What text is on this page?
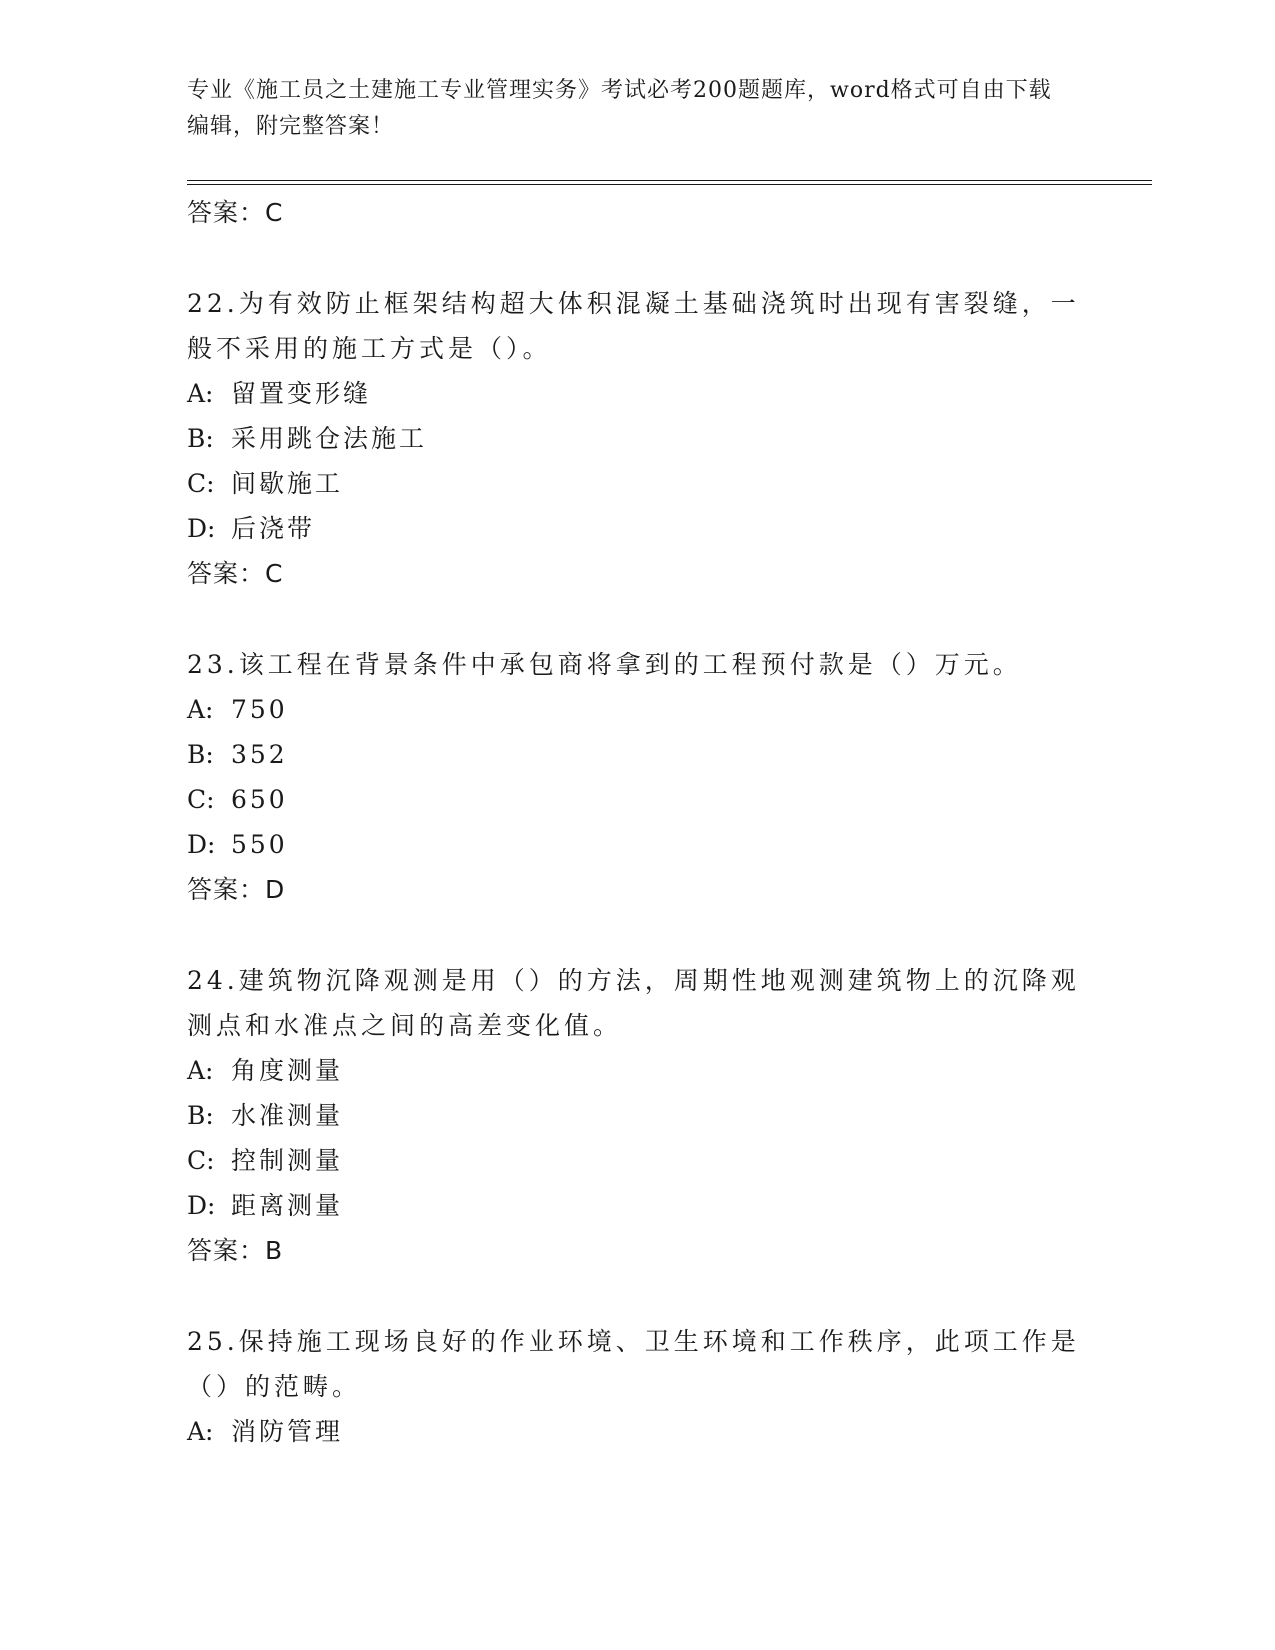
专业《施工员之土建施工专业管理实务》考试必考200题题库，word格式可自由下载编辑，附完整答案！
答案：C
22.为有效防止框架结构超大体积混凝土基础浇筑时出现有害裂缝，一般不采用的施工方式是（）。
A: 留置变形缝
B: 采用跳仓法施工
C: 间歇施工
D: 后浇带
答案：C
23.该工程在背景条件中承包商将拿到的工程预付款是（）万元。
A: 750
B: 352
C: 650
D: 550
答案：D
24.建筑物沉降观测是用（）的方法，周期性地观测建筑物上的沉降观测点和水准点之间的高差变化值。
A: 角度测量
B: 水准测量
C: 控制测量
D: 距离测量
答案：B
25.保持施工现场良好的作业环境、卫生环境和工作秩序，此项工作是（）的范畴。
A: 消防管理
